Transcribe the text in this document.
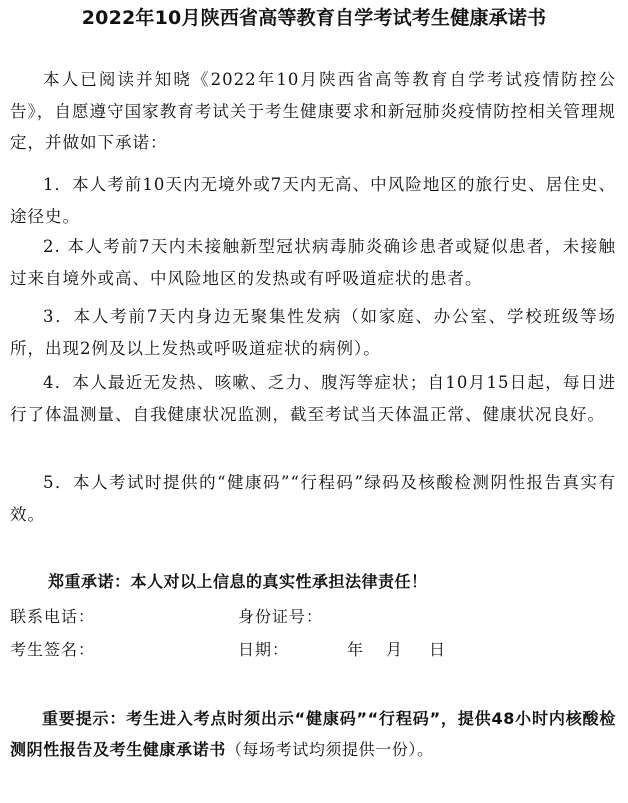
2022年10月陕西省高等教育自学考试考生健康承诺书
本人已阅读并知晓《2022年10月陕西省高等教育自学考试疫情防控公告》，自愿遵守国家教育考试关于考生健康要求和新冠肺炎疫情防控相关管理规定，并做如下承诺：
1．本人考前10天内无境外或7天内无高、中风险地区的旅行史、居住史、途径史。
2. 本人考前7天内未接触新型冠状病毒肺炎确诊患者或疑似患者，未接触过来自境外或高、中风险地区的发热或有呼吸道症状的患者。
3．本人考前7天内身边无聚集性发病（如家庭、办公室、学校班级等场所，出现2例及以上发热或呼吸道症状的病例）。
4．本人最近无发热、咳嗽、乏力、腹泻等症状；自10月15日起，每日进行了体温测量、自我健康状况监测，截至考试当天体温正常、健康状况良好。
5．本人考试时提供的“健康码”“行程码”绿码及核酸检测阴性报告真实有效。
郑重承诺：本人对以上信息的真实性承担法律责任！
联系电话：	身份证号：
考生签名：	日期：	年 月 日
重要提示：考生进入考点时须出示“健康码”“行程码”，提供48小时内核酸检测阴性报告及考生健康承诺书（每场考试均须提供一份）。
